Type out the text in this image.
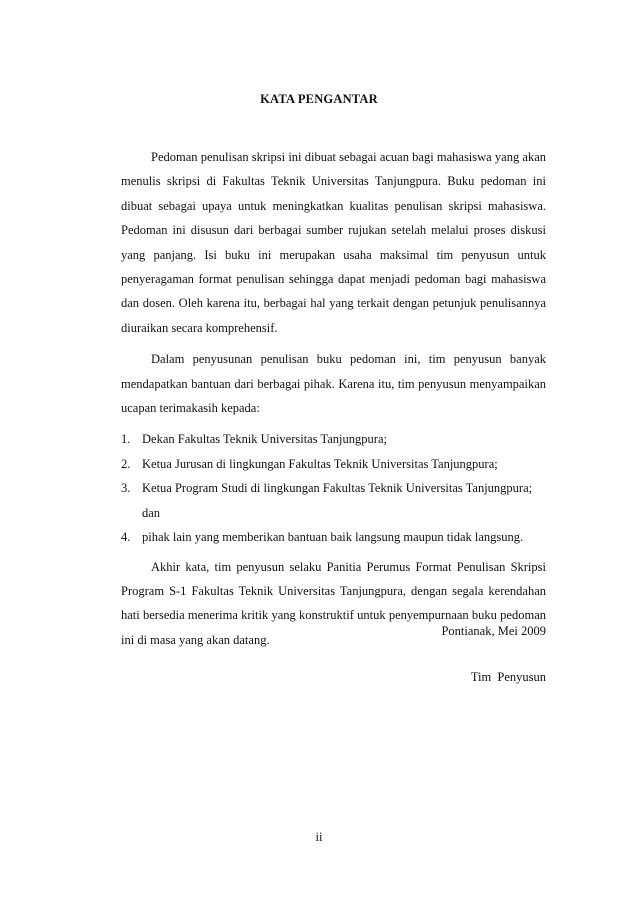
KATA PENGANTAR

Pedoman penulisan skripsi ini dibuat sebagai acuan bagi mahasiswa yang akan menulis skripsi di Fakultas Teknik Universitas Tanjungpura. Buku pedoman ini dibuat sebagai upaya untuk meningkatkan kualitas penulisan skripsi mahasiswa. Pedoman ini disusun dari berbagai sumber rujukan setelah melalui proses diskusi yang panjang. Isi buku ini merupakan usaha maksimal tim penyusun untuk penyeragaman format penulisan sehingga dapat menjadi pedoman bagi mahasiswa dan dosen. Oleh karena itu, berbagai hal yang terkait dengan petunjuk penulisannya diuraikan secara komprehensif.

Dalam penyusunan penulisan buku pedoman ini, tim penyusun banyak mendapatkan bantuan dari berbagai pihak. Karena itu, tim penyusun menyampaikan ucapan terimakasih kepada:

1. Dekan Fakultas Teknik Universitas Tanjungpura;
2. Ketua Jurusan di lingkungan Fakultas Teknik Universitas Tanjungpura;
3. Ketua Program Studi di lingkungan Fakultas Teknik Universitas Tanjungpura; dan
4. pihak lain yang memberikan bantuan baik langsung maupun tidak langsung.

Akhir kata, tim penyusun selaku Panitia Perumus Format Penulisan Skripsi Program S-1 Fakultas Teknik Universitas Tanjungpura, dengan segala kerendahan hati bersedia menerima kritik yang konstruktif untuk penyempurnaan buku pedoman ini di masa yang akan datang.

Pontianak, Mei 2009

Tim Penyusun

ii
